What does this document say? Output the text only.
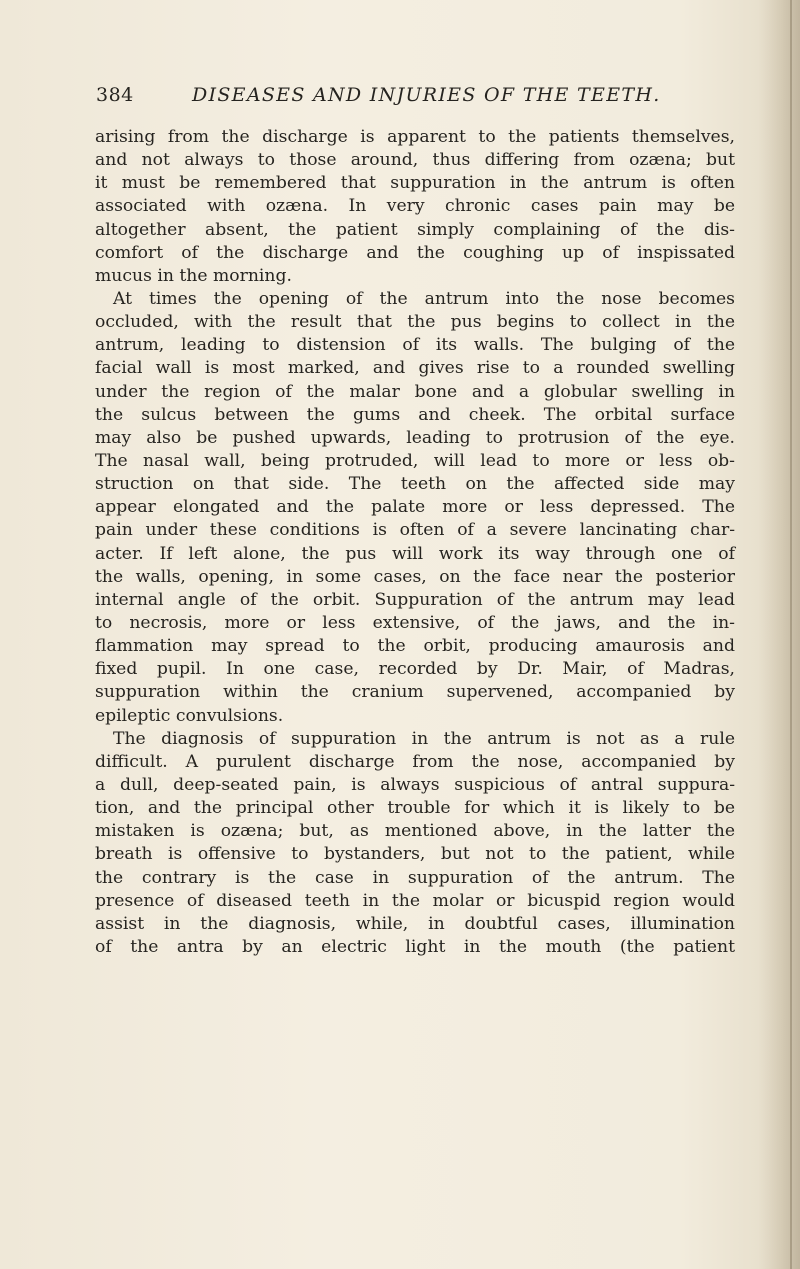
384	DISEASES AND INJURIES OF THE TEETH.
arising from the discharge is apparent to the patients themselves,
and not always to those around, thus differing from ozæna; but
it must be remembered that suppuration in the antrum is often
associated with ozæna. In very chronic cases pain may be
altogether absent, the patient simply complaining of the dis-
comfort of the discharge and the coughing up of inspissated
mucus in the morning.
At times the opening of the antrum into the nose becomes
occluded, with the result that the pus begins to collect in the
antrum, leading to distension of its walls. The bulging of the
facial wall is most marked, and gives rise to a rounded swelling
under the region of the malar bone and a globular swelling in
the sulcus between the gums and cheek. The orbital surface
may also be pushed upwards, leading to protrusion of the eye.
The nasal wall, being protruded, will lead to more or less ob-
struction on that side. The teeth on the affected side may
appear elongated and the palate more or less depressed. The
pain under these conditions is often of a severe lancinating char-
acter. If left alone, the pus will work its way through one of
the walls, opening, in some cases, on the face near the posterior
internal angle of the orbit. Suppuration of the antrum may lead
to necrosis, more or less extensive, of the jaws, and the in-
flammation may spread to the orbit, producing amaurosis and
fixed pupil. In one case, recorded by Dr. Mair, of Madras,
suppuration within the cranium supervened, accompanied by
epileptic convulsions.
The diagnosis of suppuration in the antrum is not as a rule
difficult. A purulent discharge from the nose, accompanied by
a dull, deep-seated pain, is always suspicious of antral suppura-
tion, and the principal other trouble for which it is likely to be
mistaken is ozæna; but, as mentioned above, in the latter the
breath is offensive to bystanders, but not to the patient, while
the contrary is the case in suppuration of the antrum. The
presence of diseased teeth in the molar or bicuspid region would
assist in the diagnosis, while, in doubtful cases, illumination
of the antra by an electric light in the mouth (the patient
